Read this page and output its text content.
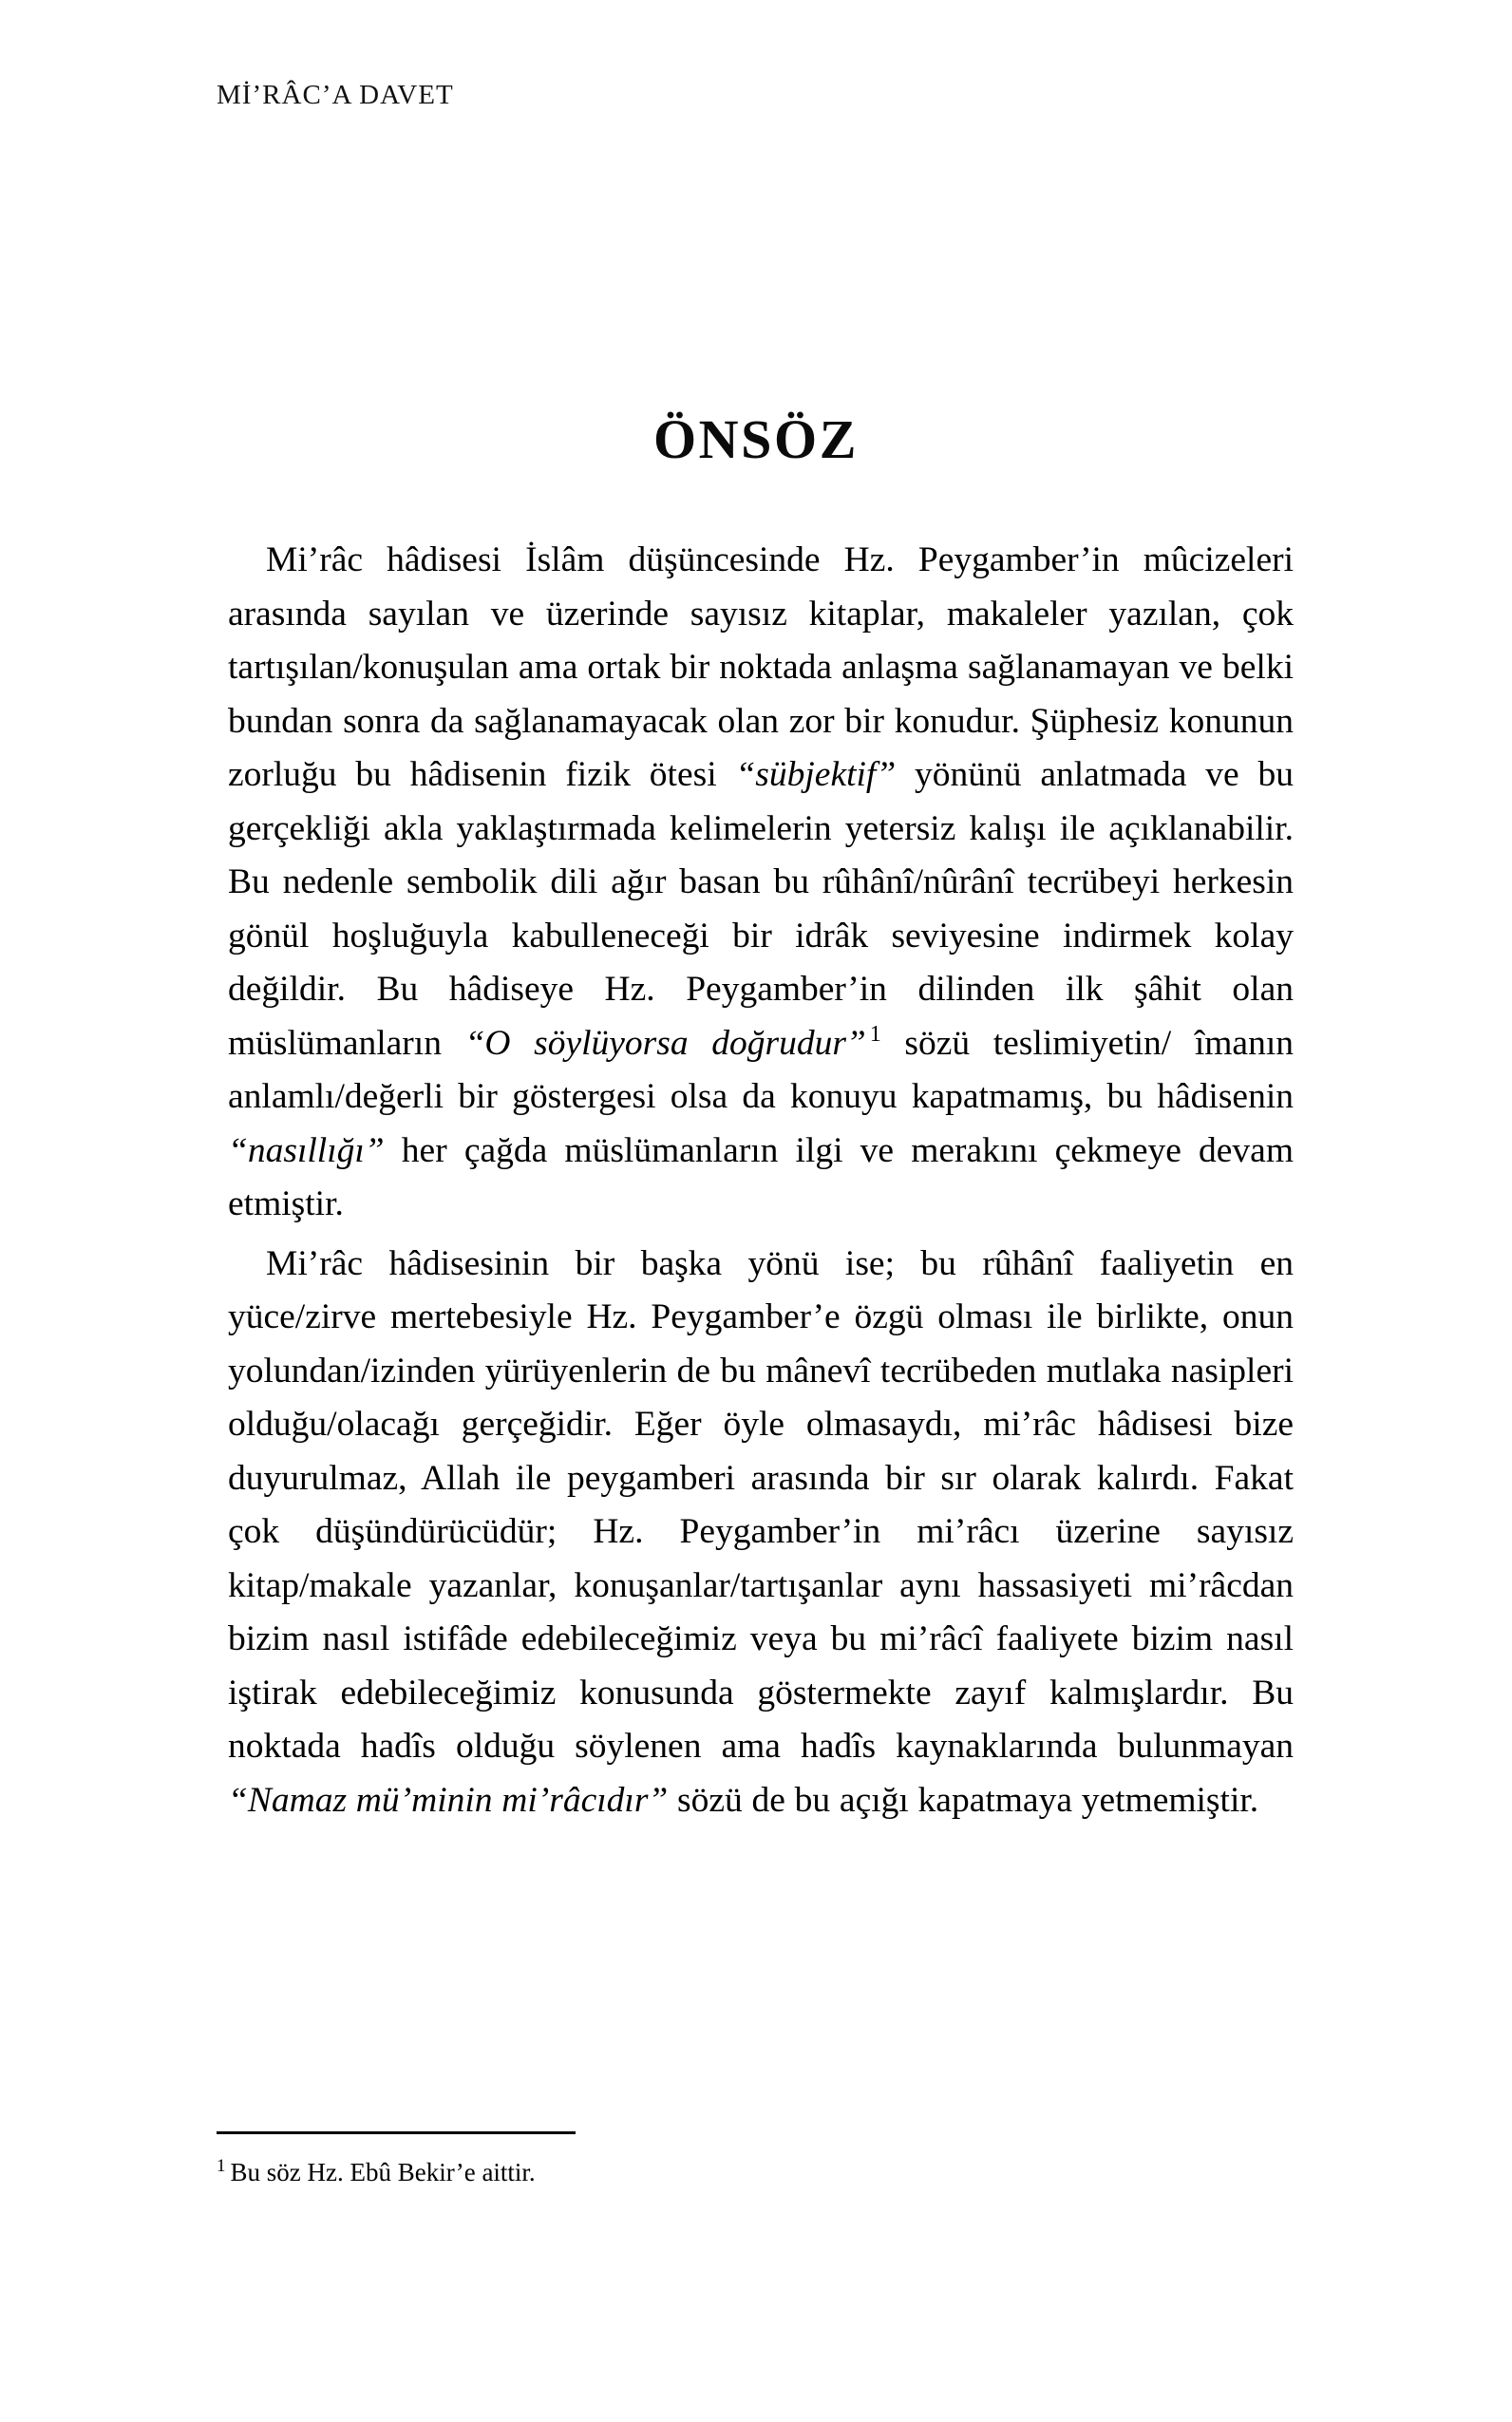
Mİ’RÂC’A DAVET
ÖNSÖZ

Mi’râc hâdisesi İslâm düşüncesinde Hz. Peygamber’in mûcizeleri arasında sayılan ve üzerinde sayısız kitaplar, makaleler yazılan, çok tartışılan/konuşulan ama ortak bir noktada anlaşma sağlanamayan ve belki bundan sonra da sağlanamayacak olan zor bir konudur. Şüphesiz konunun zorluğu bu hâdisenin fizik ötesi “sübjektif” yönünü anlatmada ve bu gerçekliği akla yaklaştırmada kelimelerin yetersiz kalışı ile açıklanabilir. Bu nedenle sembolik dili ağır basan bu rûhânî/nûrânî tecrübeyi herkesin gönül hoşluğuyla kabulleneceği bir idrâk seviyesine indirmek kolay değildir. Bu hâdiseye Hz. Peygamber’in dilinden ilk şâhit olan müslümanların “O söylüyorsa doğrudur” $^1$ sözü teslimiyetin/ îmanın anlamlı/değerli bir göstergesi olsa da konuyu kapatmamış, bu hâdisenin “nasıllığı” her çağda müslümanların ilgi ve merakını çekmeye devam etmiştir.

Mi’râc hâdisesinin bir başka yönü ise; bu rûhânî faaliyetin en yüce/zirve mertebesiyle Hz. Peygamber’e özgü olması ile birlikte, onun yolundan/izinden yürüyenlerin de bu mânevî tecrübeden mutlaka nasipleri olduğu/olacağı gerçeğidir. Eğer öyle olmasaydı, mi’râc hâdisesi bize duyurulmaz, Allah ile peygamberi arasında bir sır olarak kalırdı. Fakat çok düşündürücüdür; Hz. Peygamber’in mi’râcı üzerine sayısız kitap/makale yazanlar, konuşanlar/tartışanlar aynı hassasiyeti mi’râcdan bizim nasıl istifâde edebileceğimiz veya bu mi’râcî faaliyete bizim nasıl iştirak edebileceğimiz konusunda göstermekte zayıf kalmışlardır. Bu noktada hadîs olduğu söylenen ama hadîs kaynaklarında bulunmayan “Namaz mü’minin mi’râcıdır” sözü de bu açığı kapatmaya yetmemiştir.

$^1$ Bu söz Hz. Ebû Bekir’e aittir.
